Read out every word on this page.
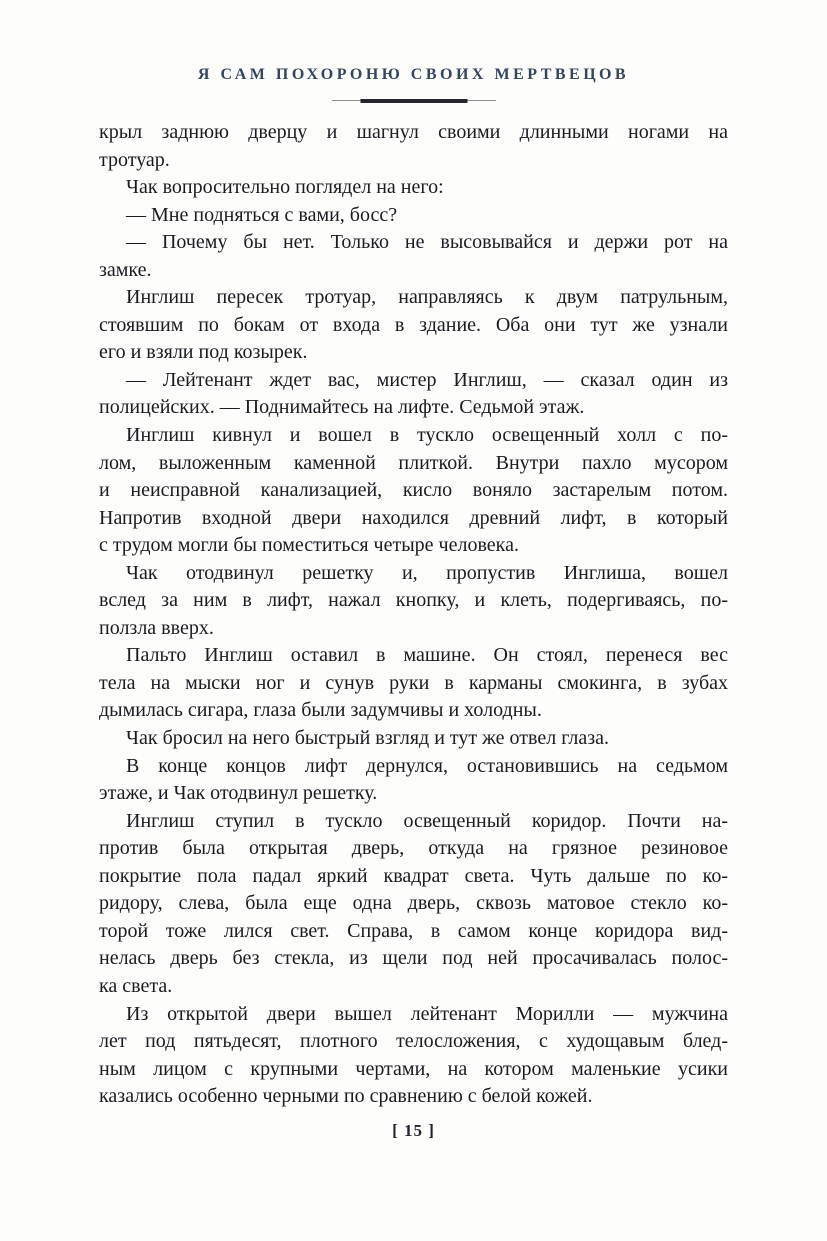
Я САМ ПОХОРОНЮ СВОИХ МЕРТВЕЦОВ
крыл заднюю дверцу и шагнул своими длинными ногами на
тротуар.
Чак вопросительно поглядел на него:
— Мне подняться с вами, босс?
— Почему бы нет. Только не высовывайся и держи рот на
замке.
Инглиш пересек тротуар, направляясь к двум патрульным,
стоявшим по бокам от входа в здание. Оба они тут же узнали
его и взяли под козырек.
— Лейтенант ждет вас, мистер Инглиш, — сказал один из
полицейских. — Поднимайтесь на лифте. Седьмой этаж.
Инглиш кивнул и вошел в тускло освещенный холл с по-
лом, выложенным каменной плиткой. Внутри пахло мусором
и неисправной канализацией, кисло воняло застарелым потом.
Напротив входной двери находился древний лифт, в который
с трудом могли бы поместиться четыре человека.
Чак отодвинул решетку и, пропустив Инглиша, вошел
вслед за ним в лифт, нажал кнопку, и клеть, подергиваясь, по-
ползла вверх.
Пальто Инглиш оставил в машине. Он стоял, перенеся вес
тела на мыски ног и сунув руки в карманы смокинга, в зубах
дымилась сигара, глаза были задумчивы и холодны.
Чак бросил на него быстрый взгляд и тут же отвел глаза.
В конце концов лифт дернулся, остановившись на седьмом
этаже, и Чак отодвинул решетку.
Инглиш ступил в тускло освещенный коридор. Почти на-
против была открытая дверь, откуда на грязное резиновое
покрытие пола падал яркий квадрат света. Чуть дальше по ко-
ридору, слева, была еще одна дверь, сквозь матовое стекло ко-
торой тоже лился свет. Справа, в самом конце коридора вид-
нелась дверь без стекла, из щели под ней просачивалась полос-
ка света.
Из открытой двери вышел лейтенант Морилли — мужчина
лет под пятьдесят, плотного телосложения, с худощавым блед-
ным лицом с крупными чертами, на котором маленькие усики
казались особенно черными по сравнению с белой кожей.
[ 15 ]
